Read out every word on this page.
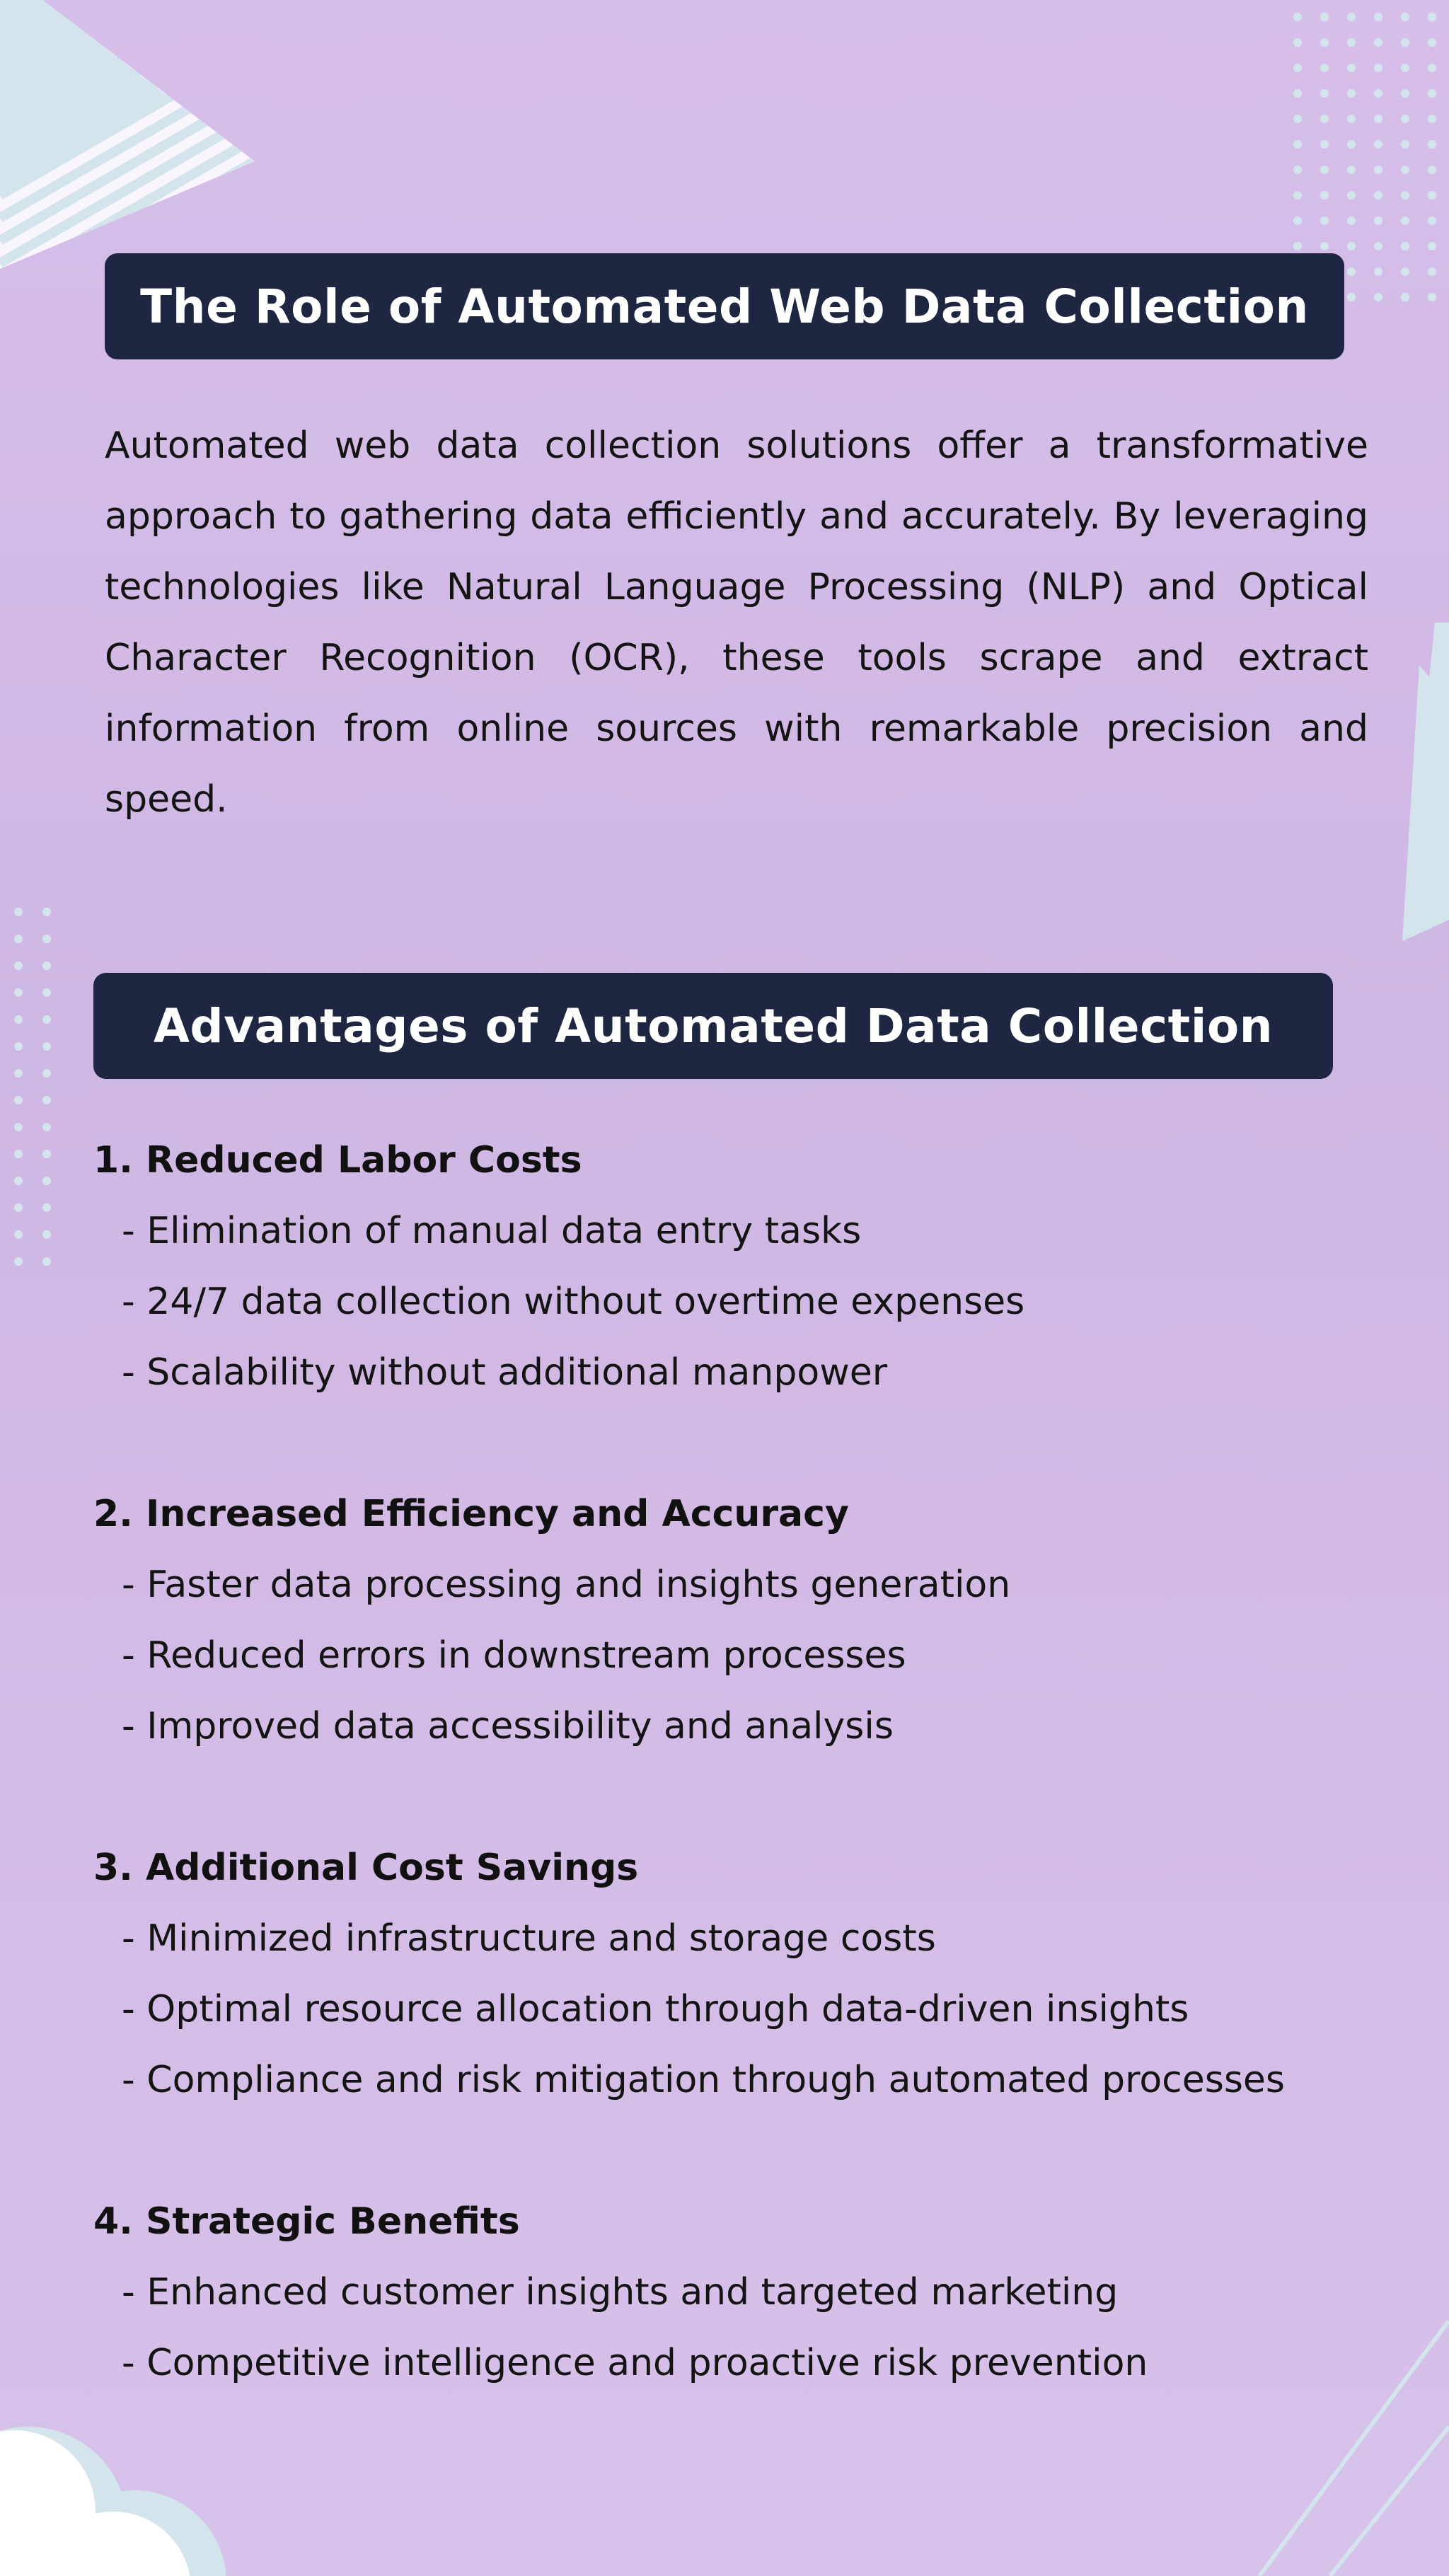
The Role of Automated Web Data Collection

Automated web data collection solutions offer a transformative approach to gathering data efficiently and accurately. By leveraging technologies like Natural Language Processing (NLP) and Optical Character Recognition (OCR), these tools scrape and extract information from online sources with remarkable precision and speed.

Advantages of Automated Data Collection
1. Reduced Labor Costs
- Elimination of manual data entry tasks
- 24/7 data collection without overtime expenses
- Scalability without additional manpower
2. Increased Efficiency and Accuracy
- Faster data processing and insights generation
- Reduced errors in downstream processes
- Improved data accessibility and analysis
3. Additional Cost Savings
- Minimized infrastructure and storage costs
- Optimal resource allocation through data-driven insights
- Compliance and risk mitigation through automated processes
4. Strategic Benefits
- Enhanced customer insights and targeted marketing
- Competitive intelligence and proactive risk prevention
